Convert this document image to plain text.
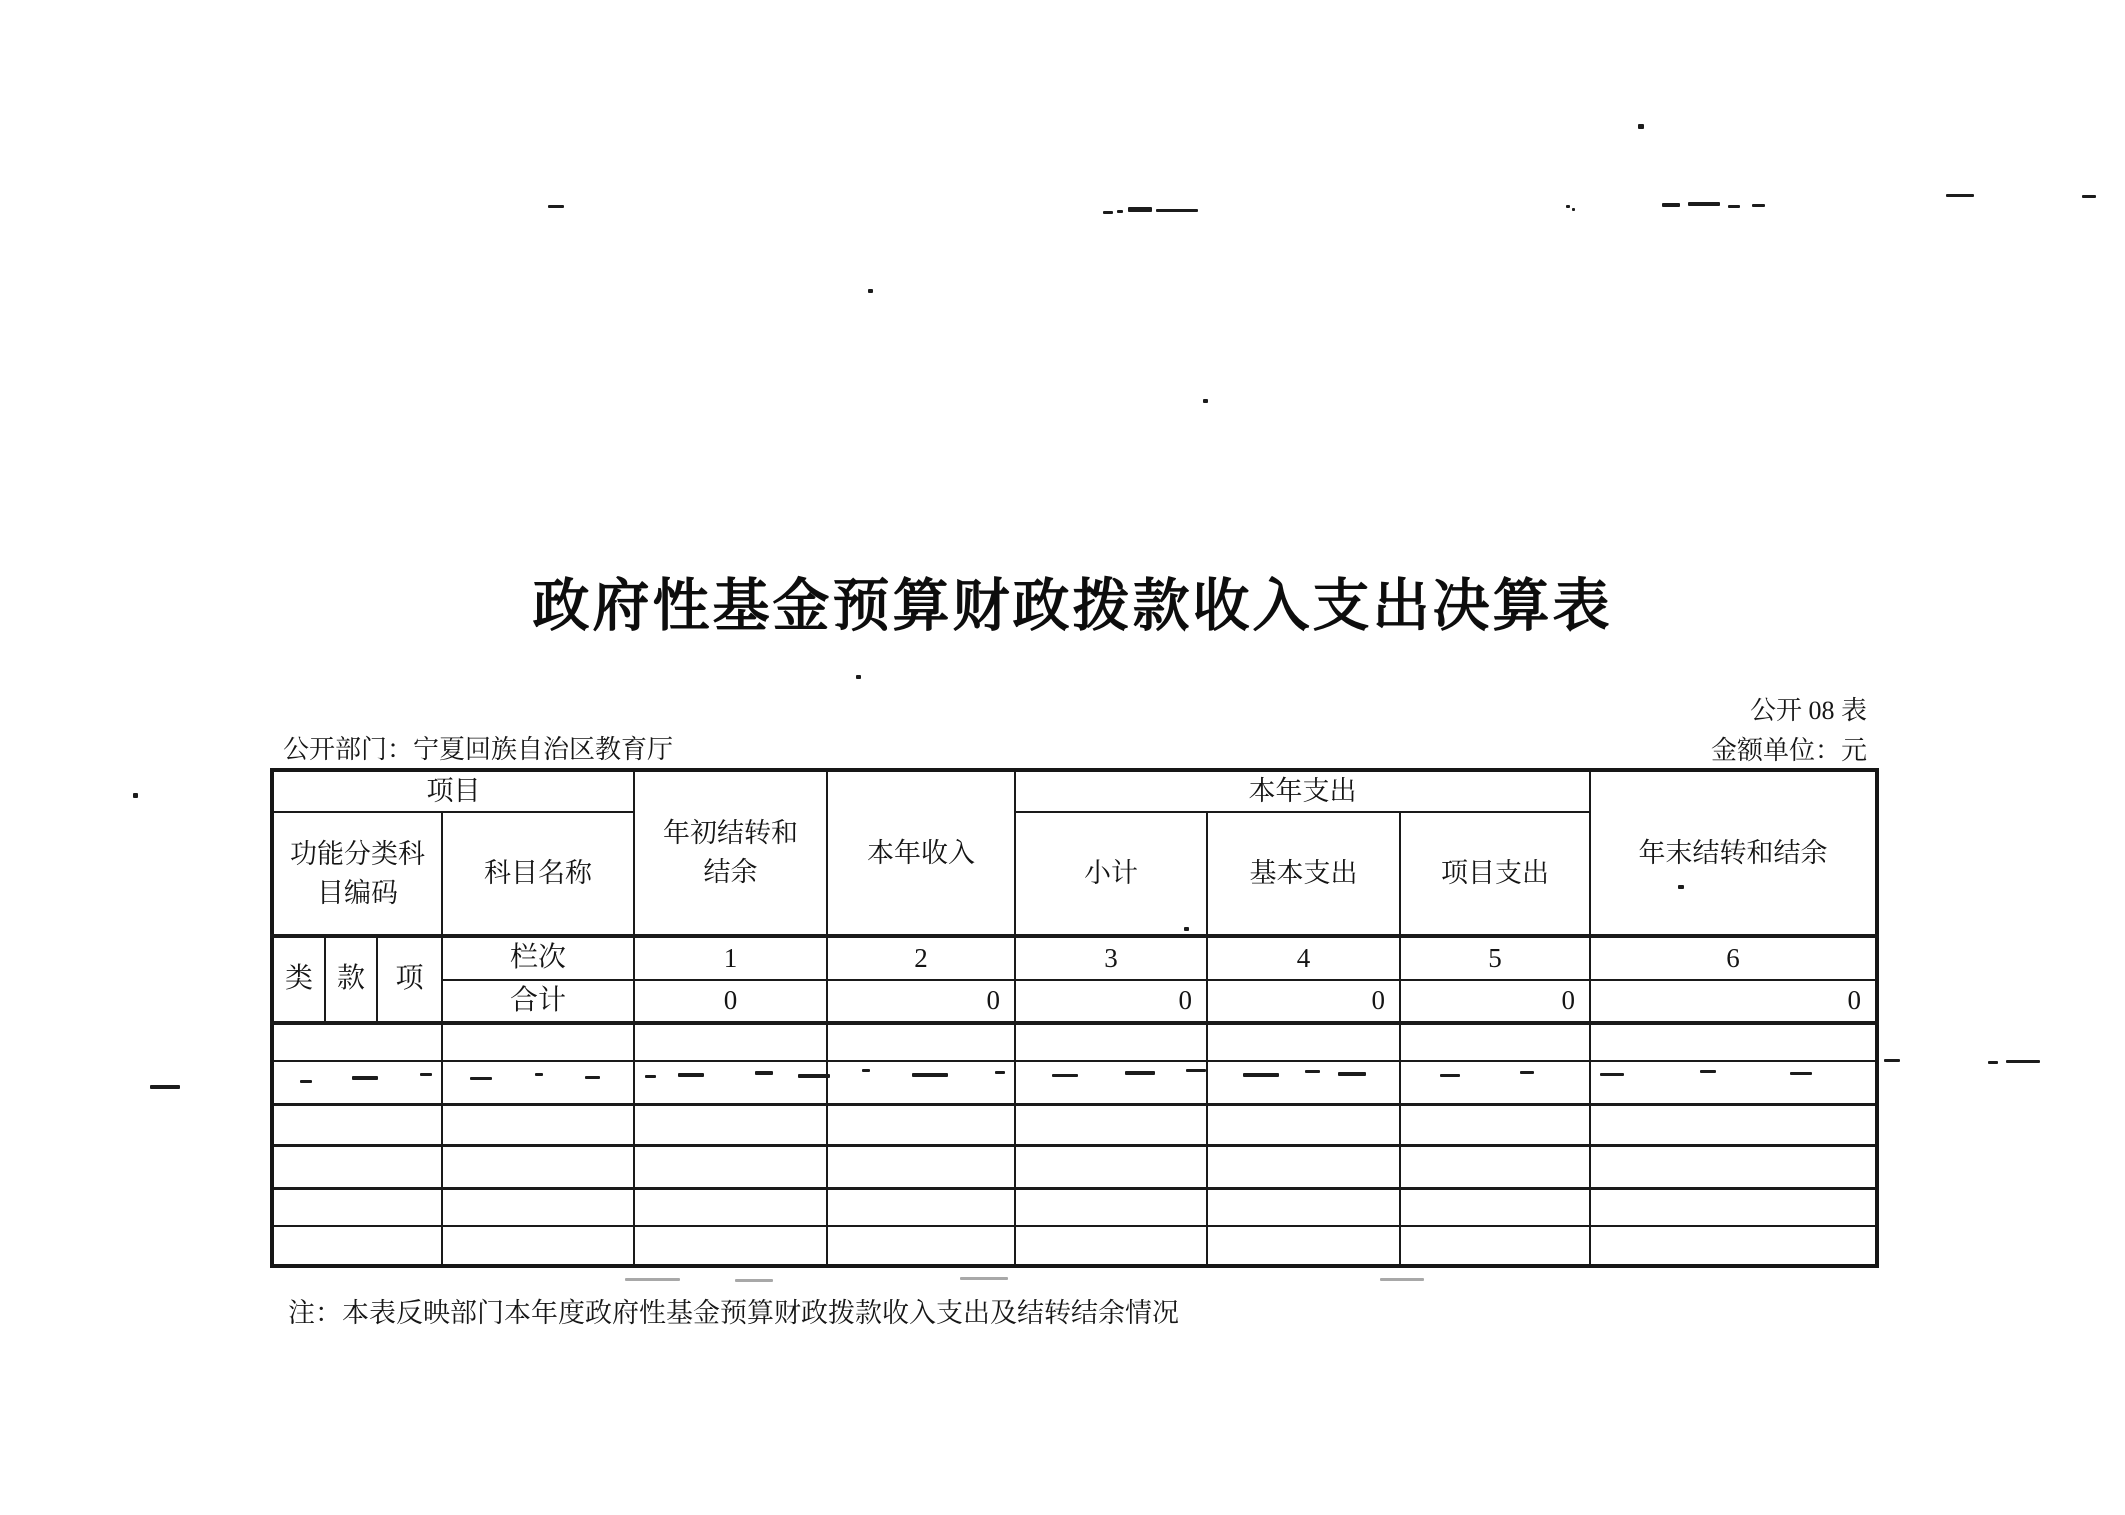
政府性基金预算财政拨款收入支出决算表
公开 08 表
公开部门：宁夏回族自治区教育厅	金额单位：元
项目				年初结转和结余	本年收入	本年支出			年末结转和结余
功能分类科目编码			科目名称			小计	基本支出	项目支出	
类	款	项	栏次	1	2	3	4	5	6
			合计	0	0	0	0	0	0

注：本表反映部门本年度政府性基金预算财政拨款收入支出及结转结余情况
